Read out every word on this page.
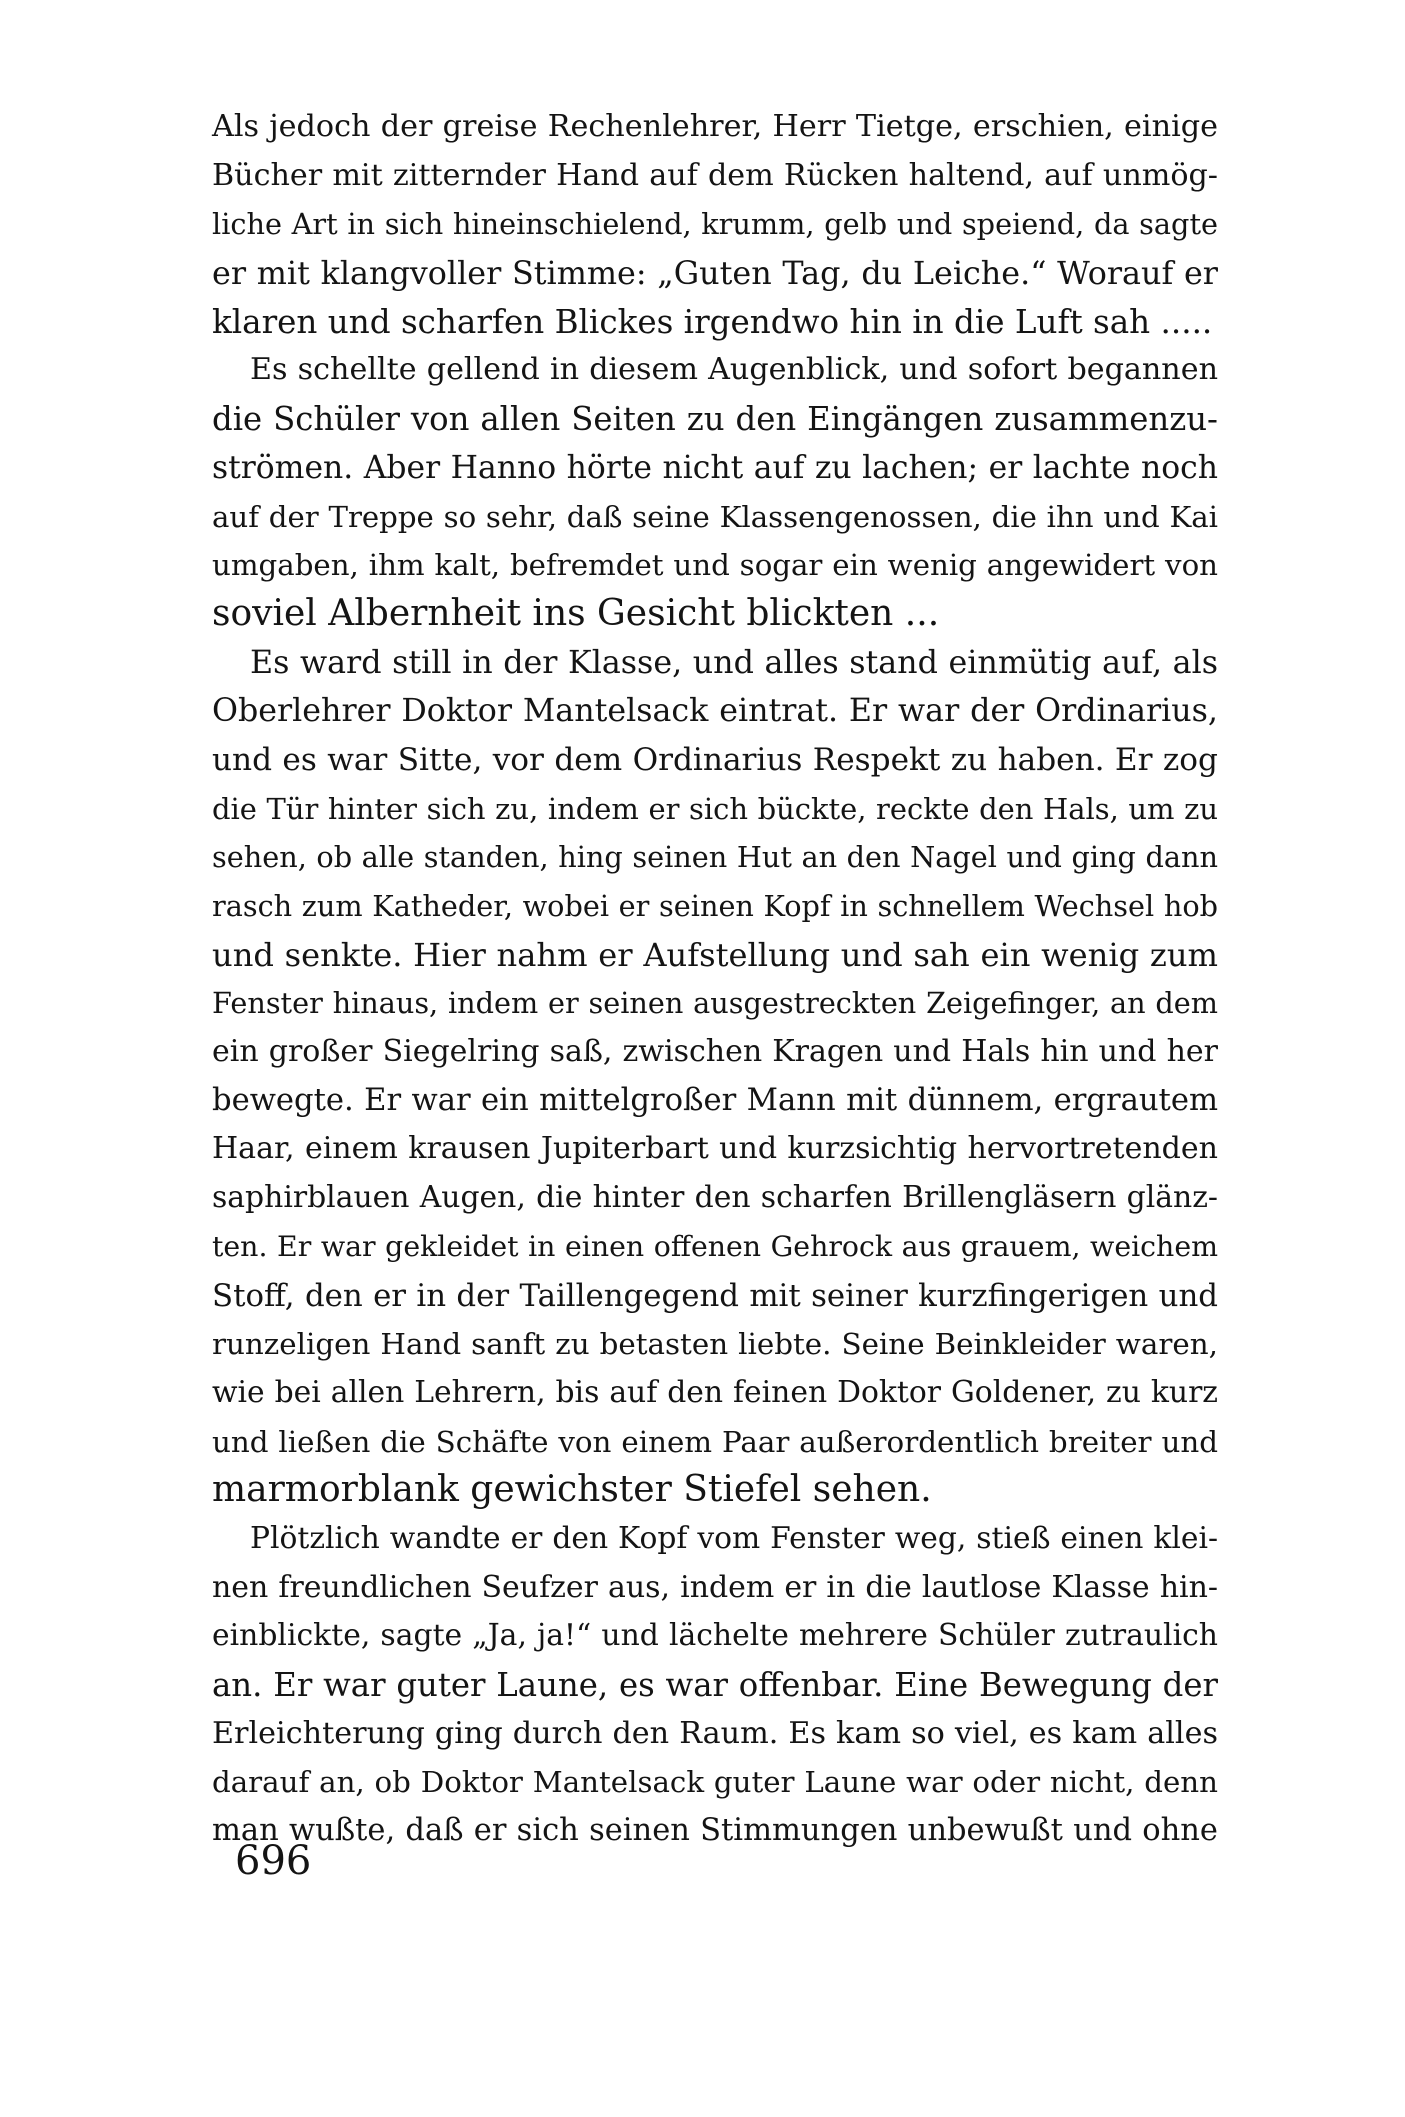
Als jedoch der greise Rechenlehrer, Herr Tietge, erschien, einige
Bücher mit zitternder Hand auf dem Rücken haltend, auf unmög-
liche Art in sich hineinschielend, krumm, gelb und speiend, da sagte
er mit klangvoller Stimme: „Guten Tag, du Leiche.“ Worauf er
klaren und scharfen Blickes irgendwo hin in die Luft sah .....
Es schellte gellend in diesem Augenblick, und sofort begannen
die Schüler von allen Seiten zu den Eingängen zusammenzu-
strömen. Aber Hanno hörte nicht auf zu lachen; er lachte noch
auf der Treppe so sehr, daß seine Klassengenossen, die ihn und Kai
umgaben, ihm kalt, befremdet und sogar ein wenig angewidert von
soviel Albernheit ins Gesicht blickten ...
Es ward still in der Klasse, und alles stand einmütig auf, als
Oberlehrer Doktor Mantelsack eintrat. Er war der Ordinarius,
und es war Sitte, vor dem Ordinarius Respekt zu haben. Er zog
die Tür hinter sich zu, indem er sich bückte, reckte den Hals, um zu
sehen, ob alle standen, hing seinen Hut an den Nagel und ging dann
rasch zum Katheder, wobei er seinen Kopf in schnellem Wechsel hob
und senkte. Hier nahm er Aufstellung und sah ein wenig zum
Fenster hinaus, indem er seinen ausgestreckten Zeigefinger, an dem
ein großer Siegelring saß, zwischen Kragen und Hals hin und her
bewegte. Er war ein mittelgroßer Mann mit dünnem, ergrautem
Haar, einem krausen Jupiterbart und kurzsichtig hervortretenden
saphirblauen Augen, die hinter den scharfen Brillengläsern glänz-
ten. Er war gekleidet in einen offenen Gehrock aus grauem, weichem
Stoff, den er in der Taillengegend mit seiner kurzfingerigen und
runzeligen Hand sanft zu betasten liebte. Seine Beinkleider waren,
wie bei allen Lehrern, bis auf den feinen Doktor Goldener, zu kurz
und ließen die Schäfte von einem Paar außerordentlich breiter und
marmorblank gewichster Stiefel sehen.
Plötzlich wandte er den Kopf vom Fenster weg, stieß einen klei-
nen freundlichen Seufzer aus, indem er in die lautlose Klasse hin-
einblickte, sagte „Ja, ja!“ und lächelte mehrere Schüler zutraulich
an. Er war guter Laune, es war offenbar. Eine Bewegung der
Erleichterung ging durch den Raum. Es kam so viel, es kam alles
darauf an, ob Doktor Mantelsack guter Laune war oder nicht, denn
man wußte, daß er sich seinen Stimmungen unbewußt und ohne
696
